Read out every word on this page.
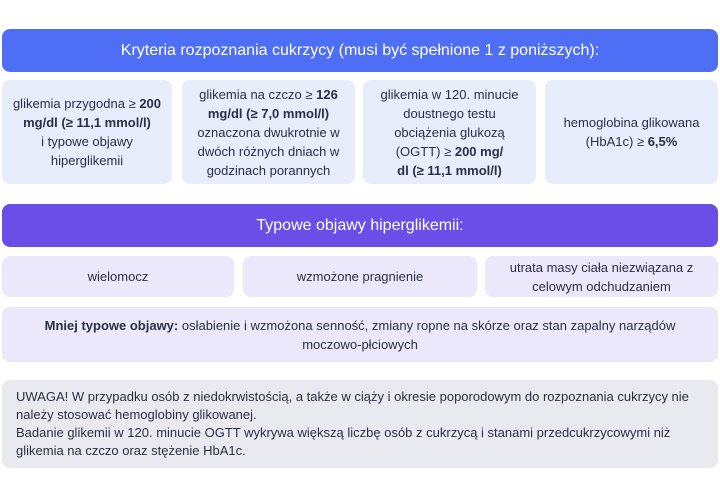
Kryteria rozpoznania cukrzycy (musi być spełnione 1 z poniższych):
glikemia przygodna ≥ 200
mg/dl (≥ 11,1 mmol/l)
i typowe objawy hiperglikemii
glikemia na czczo ≥ 126
mg/dl (≥ 7,0 mmol/l)
oznaczona dwukrotnie w dwóch różnych dniach w godzinach porannych
glikemia w 120. minucie doustnego testu obciążenia glukozą (OGTT) ≥ 200 mg/
dl (≥ 11,1 mmol/l)
hemoglobina glikowana (HbA1c) ≥ 6,5%
Typowe objawy hiperglikemii:
wielomocz	wzmożone pragnienie
utrata masy ciała niezwiązana z celowym odchudzaniem
Mniej typowe objawy: osłabienie i wzmożona senność, zmiany ropne na skórze oraz stan zapalny narządów moczowo-płciowych

UWAGA! W przypadku osób z niedokrwistością, a także w ciąży i okresie poporodowym do rozpoznania cukrzycy nie należy stosować hemoglobiny glikowanej.

Badanie glikemii w 120. minucie OGTT wykrywa większą liczbę osób z cukrzycą i stanami przedcukrzycowymi niż glikemia na czczo oraz stężenie HbA1c.
